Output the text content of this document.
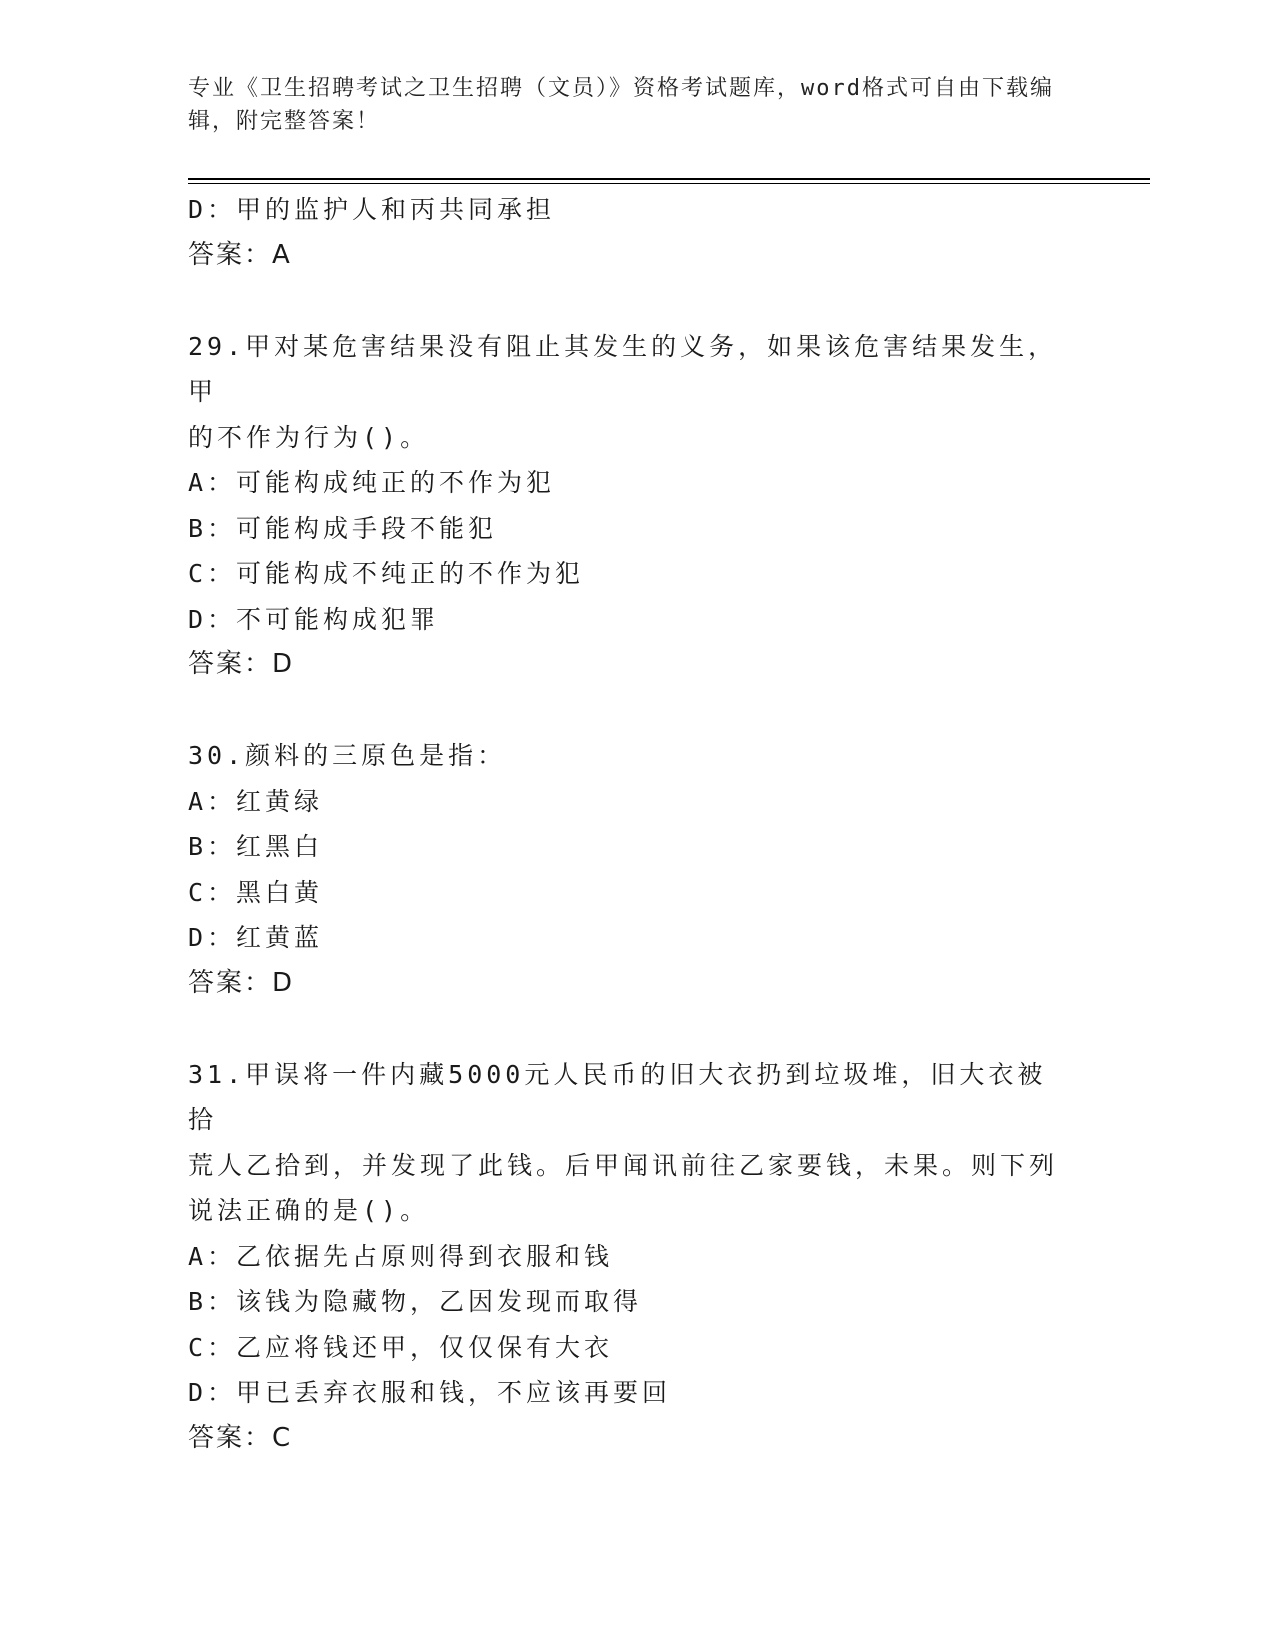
专业《卫生招聘考试之卫生招聘（文员）》资格考试题库，word格式可自由下载编辑，附完整答案！

D：甲的监护人和丙共同承担

答案：A

29.甲对某危害结果没有阻止其发生的义务，如果该危害结果发生，甲

的不作为行为()。

A：可能构成纯正的不作为犯

B：可能构成手段不能犯

C：可能构成不纯正的不作为犯

D：不可能构成犯罪

答案：D

30.颜料的三原色是指：

A：红黄绿

B：红黑白

C：黑白黄

D：红黄蓝

答案：D

31.甲误将一件内藏5000元人民币的旧大衣扔到垃圾堆，旧大衣被拾

荒人乙拾到，并发现了此钱。后甲闻讯前往乙家要钱，未果。则下列

说法正确的是()。

A：乙依据先占原则得到衣服和钱

B：该钱为隐藏物，乙因发现而取得

C：乙应将钱还甲，仅仅保有大衣

D：甲已丢弃衣服和钱，不应该再要回

答案：C
